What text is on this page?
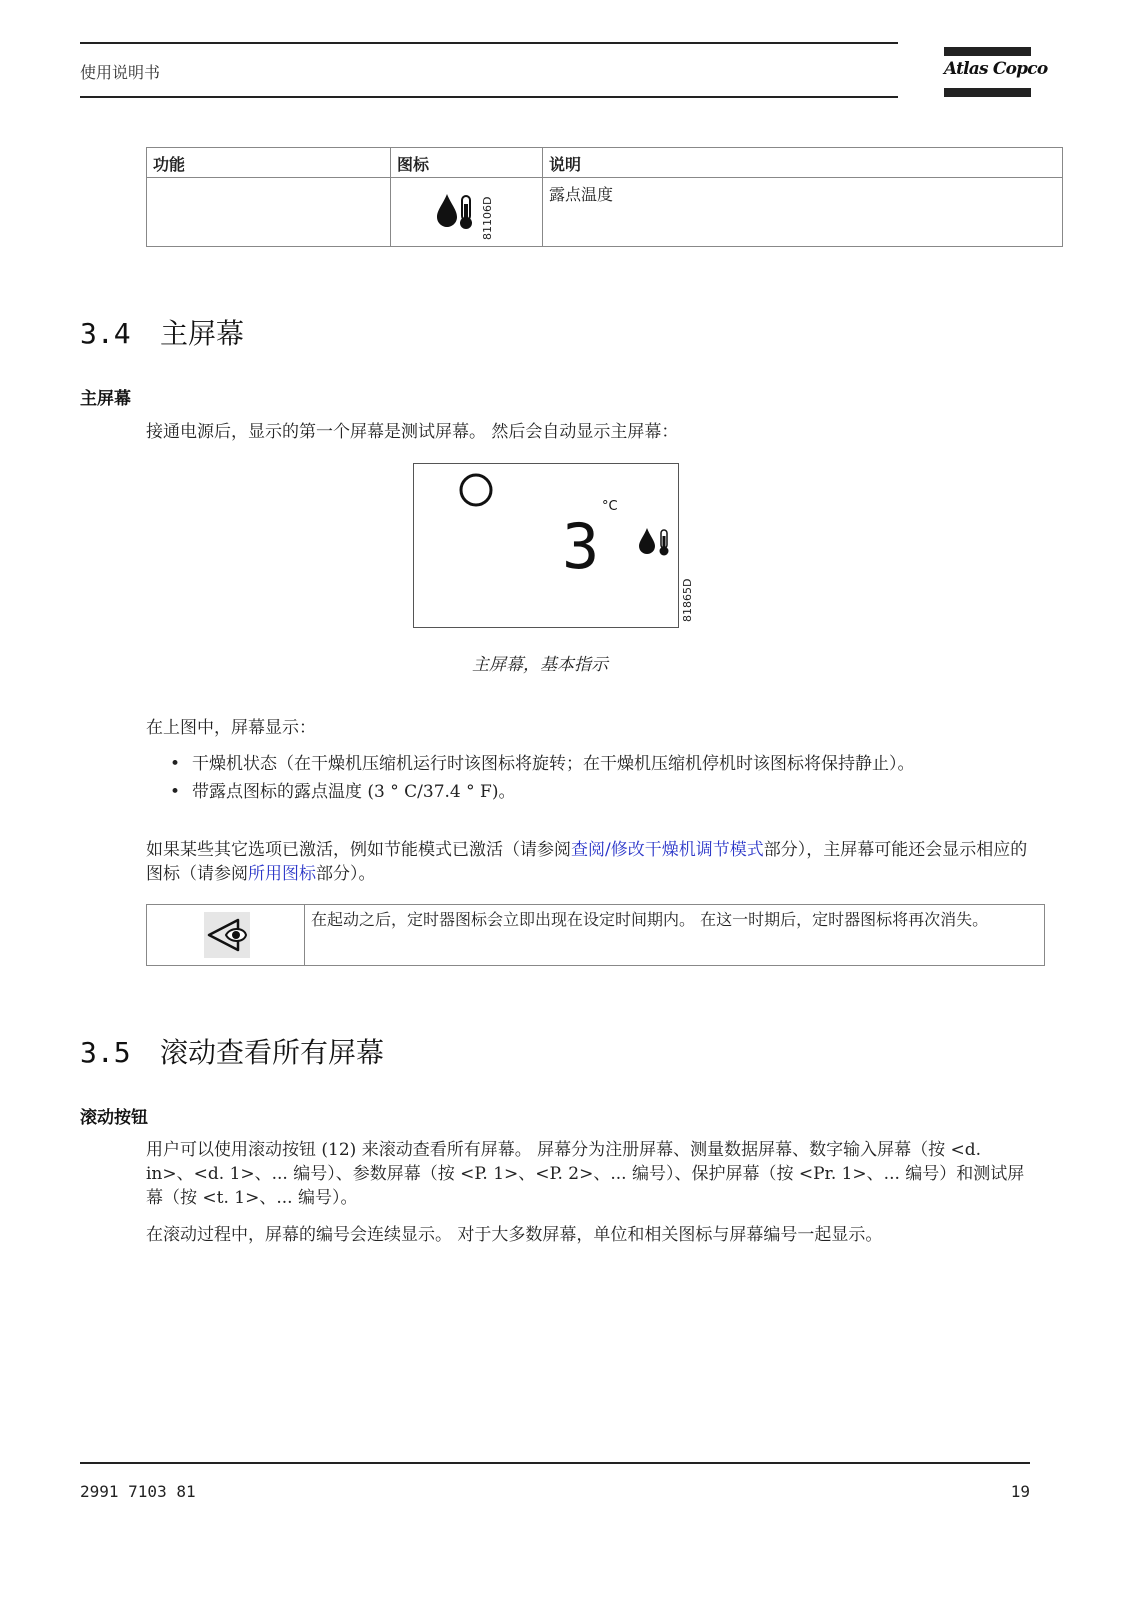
使用说明书	Atlas Copco
功能	图标	说明

	81106D	露点温度
3.4 主屏幕
主屏幕
接通电源后，显示的第一个屏幕是测试屏幕。 然后会自动显示主屏幕：
°C
3
81865D
主屏幕，基本指示
在上图中，屏幕显示：
• 干燥机状态（在干燥机压缩机运行时该图标将旋转；在干燥机压缩机停机时该图标将保持静止）。
• 带露点图标的露点温度 (3 ° C/37.4 ° F)。
如果某些其它选项已激活，例如节能模式已激活（请参阅查阅/修改干燥机调节模式部分），主屏幕可能还会显示相应的图标（请参阅所用图标部分）。
	在起动之后，定时器图标会立即出现在设定时间期内。 在这一时期后，定时器图标将再次消失。
3.5 滚动查看所有屏幕
滚动按钮
用户可以使用滚动按钮 (12) 来滚动查看所有屏幕。 屏幕分为注册屏幕、测量数据屏幕、数字输入屏幕（按 <d. in>、<d. 1>、... 编号）、参数屏幕（按 <P. 1>、<P. 2>、... 编号）、保护屏幕（按 <Pr. 1>、... 编号）和测试屏幕（按 <t. 1>、... 编号）。
在滚动过程中，屏幕的编号会连续显示。 对于大多数屏幕，单位和相关图标与屏幕编号一起显示。
2991 7103 81	19
